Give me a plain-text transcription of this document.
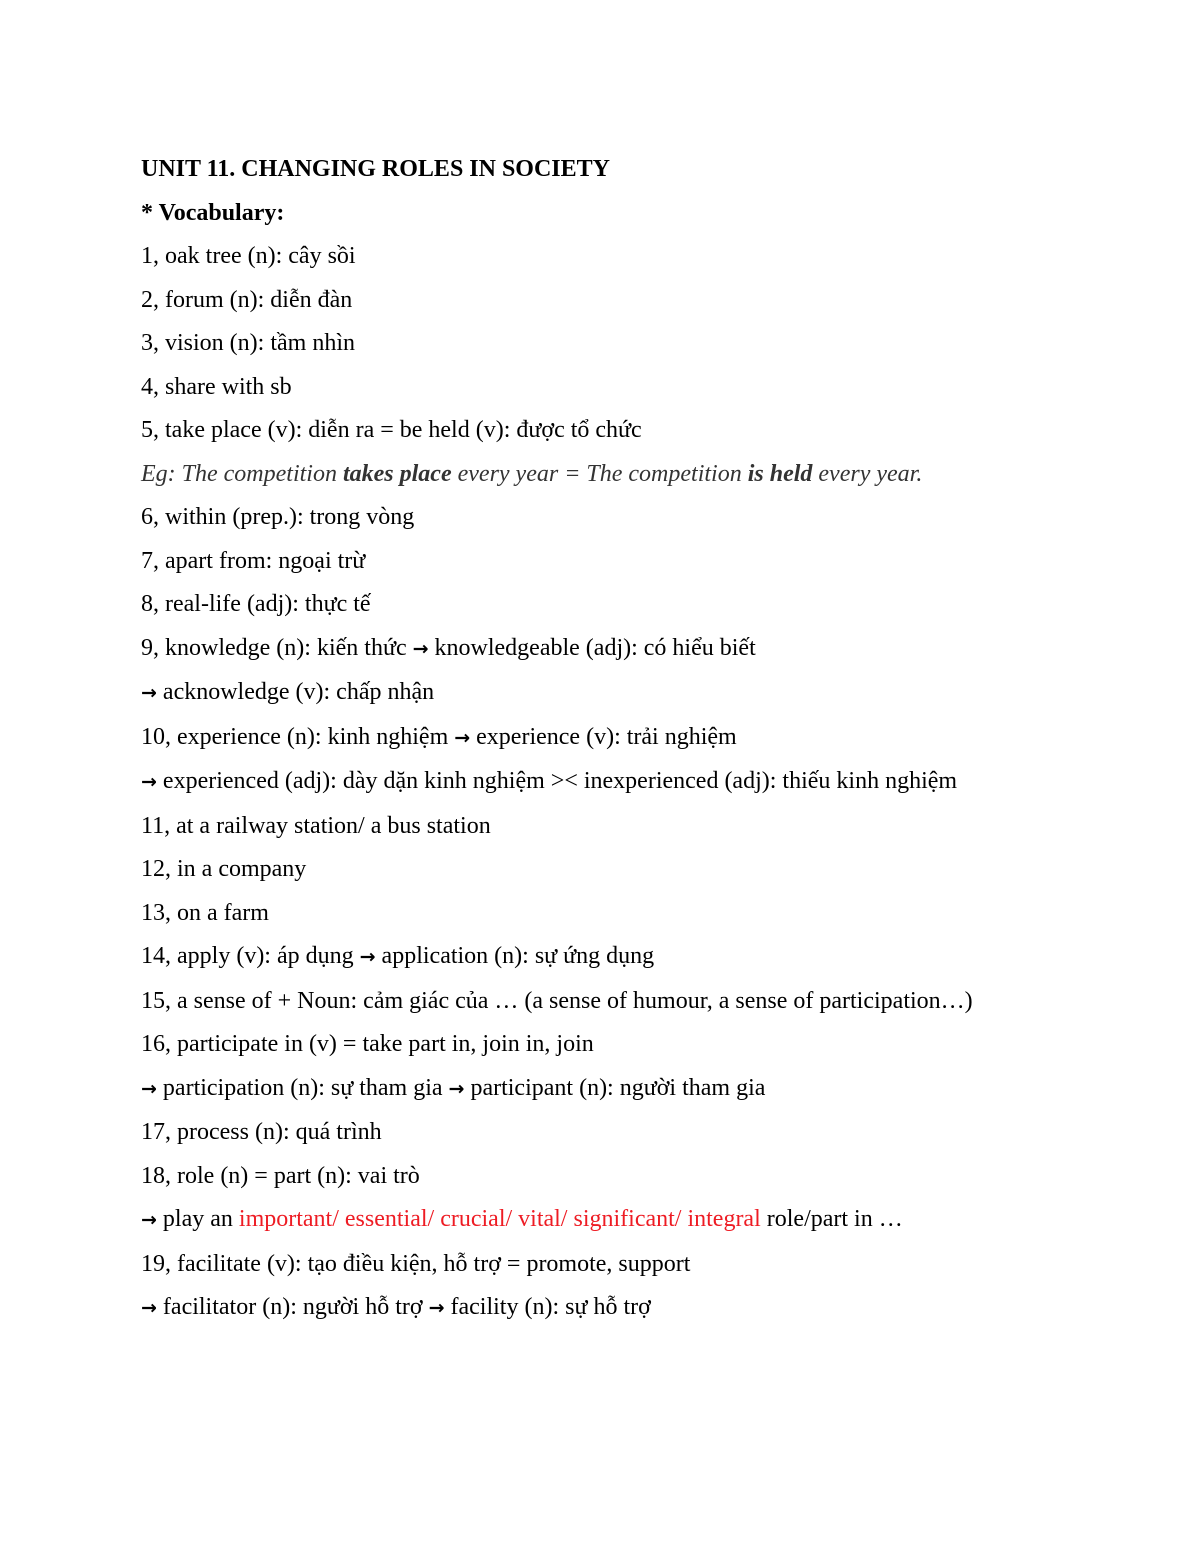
UNIT 11. CHANGING ROLES IN SOCIETY
* Vocabulary:
1, oak tree (n): cây sồi
2, forum (n): diễn đàn
3, vision (n): tầm nhìn
4, share with sb
5, take place (v): diễn ra = be held (v): được tổ chức
Eg: The competition takes place every year = The competition is held every year.
6, within (prep.): trong vòng
7, apart from: ngoại trừ
8, real-life (adj): thực tế
9, knowledge (n): kiến thức → knowledgeable (adj): có hiểu biết
→ acknowledge (v): chấp nhận
10, experience (n): kinh nghiệm → experience (v): trải nghiệm
→ experienced (adj): dày dặn kinh nghiệm >< inexperienced (adj): thiếu kinh nghiệm
11, at a railway station/ a bus station
12, in a company
13, on a farm
14, apply (v): áp dụng → application (n): sự ứng dụng
15, a sense of + Noun: cảm giác của … (a sense of humour, a sense of participation…)
16, participate in (v) = take part in, join in, join
→ participation (n): sự tham gia → participant (n): người tham gia
17, process (n): quá trình
18, role (n) = part (n): vai trò
→ play an important/ essential/ crucial/ vital/ significant/ integral role/part in …
19, facilitate (v): tạo điều kiện, hỗ trợ = promote, support
→ facilitator (n): người hỗ trợ → facility (n): sự hỗ trợ
